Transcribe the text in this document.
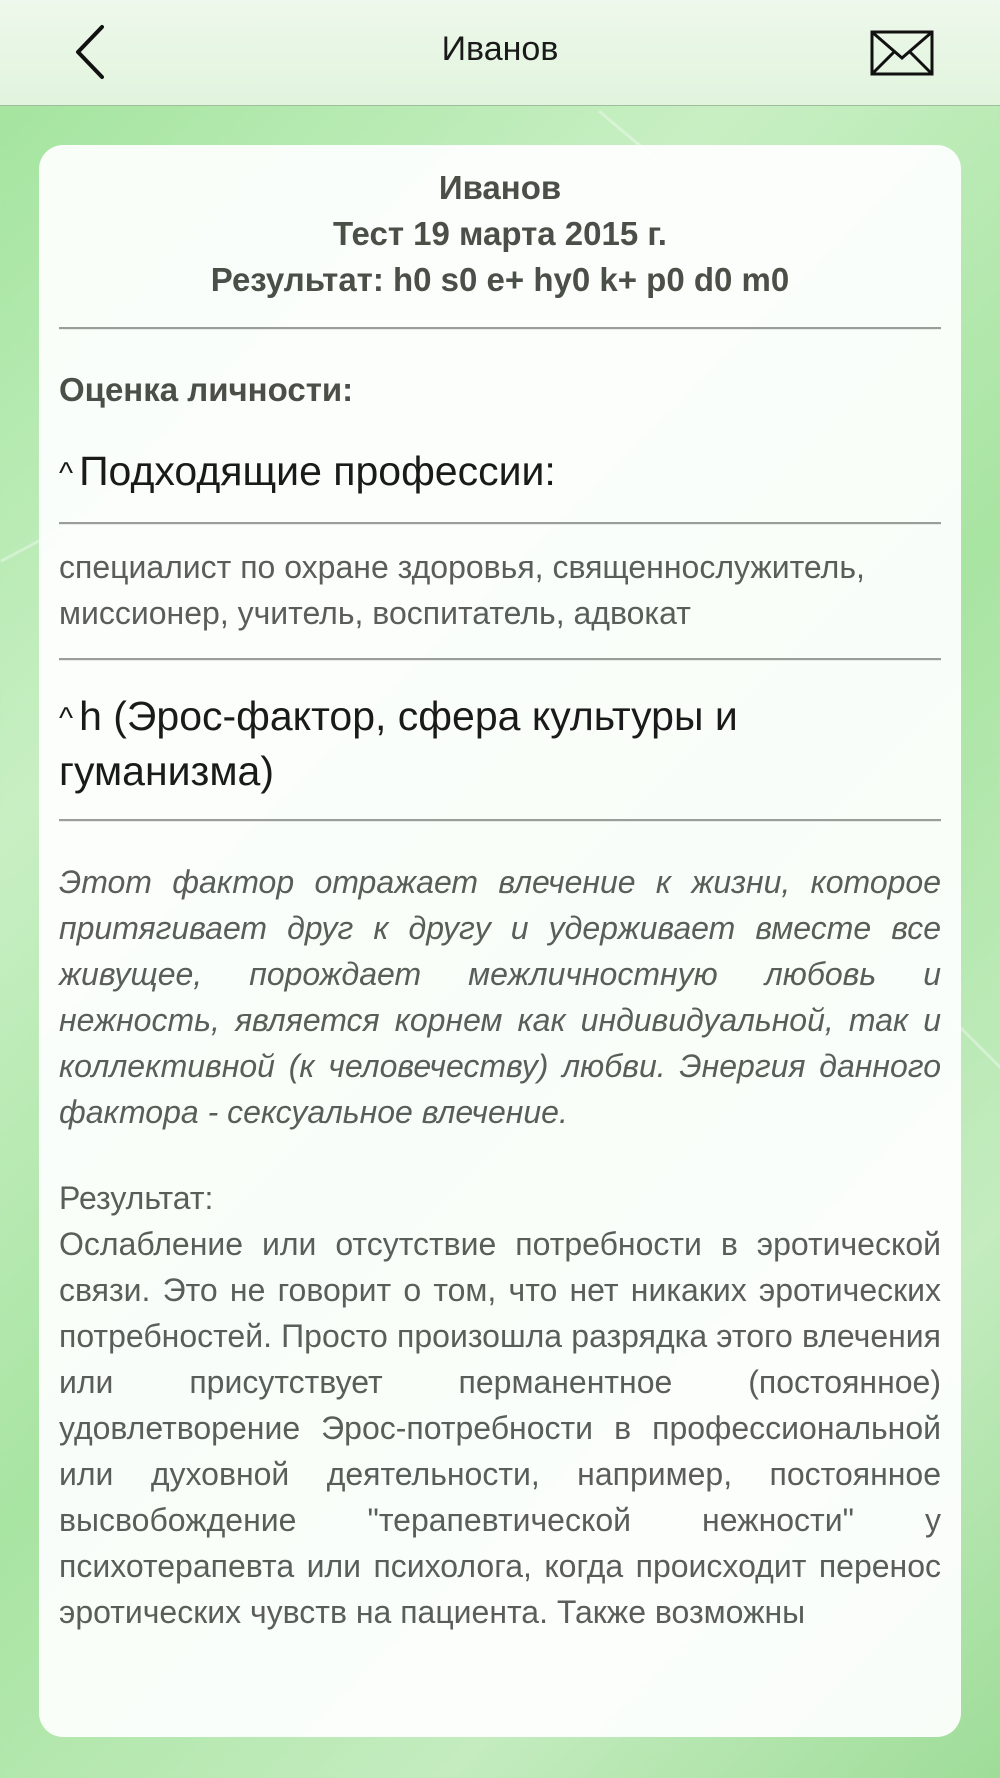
Иванов
Иванов
Тест 19 марта 2015 г.
Результат: h0 s0 e+ hy0 k+ p0 d0 m0
Оценка личности:
^ Подходящие профессии:
специалист по охране здоровья, священнослужитель, миссионер, учитель, воспитатель, адвокат
^ h (Эрос-фактор, сфера культуры и гуманизма)
Этот фактор отражает влечение к жизни, которое притягивает друг к другу и удерживает вместе все живущее, порождает межличностную любовь и нежность, является корнем как индивидуальной, так и коллективной (к человечеству) любви. Энергия данного фактора - сексуальное влечение.
Результат:
Ослабление или отсутствие потребности в эротической связи. Это не говорит о том, что нет никаких эротических потребностей. Просто произошла разрядка этого влечения или присутствует перманентное (постоянное) удовлетворение Эрос-потребности в профессиональной или духовной деятельности, например, постоянное высвобождение "терапевтической нежности" у психотерапевта или психолога, когда происходит перенос эротических чувств на пациента. Также возможны
